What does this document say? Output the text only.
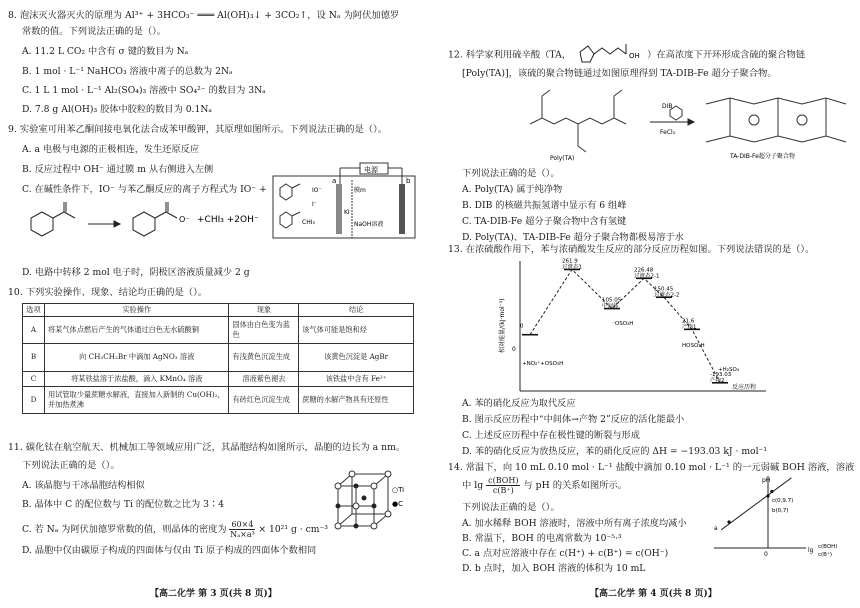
8. 泡沫灭火器灭火的原理为 Al³⁺ + 3HCO₃⁻ ═══ Al(OH)₃↓ + 3CO₂↑，设 Nₐ 为阿伏加德罗
常数的值。下列说法正确的是（）。
A. 11.2 L CO₂ 中含有 σ 键的数目为 Nₐ
B. 1 mol · L⁻¹ NaHCO₃ 溶液中离子的总数为 2Nₐ
C. 1 L 1 mol · L⁻¹ Al₂(SO₄)₃ 溶液中 SO₄²⁻ 的数目为 3Nₐ
D. 7.8 g Al(OH)₃ 胶体中胶粒的数目为 0.1Nₐ
9. 实验室可用苯乙酮间接电氧化法合成苯甲酸钾，其原理如图所示。下列说法正确的是（）。
A. a 电极与电源的正极相连，发生还原反应
B. 反应过程中 OH⁻ 通过膜 m 从右侧进入左侧
C. 在碱性条件下，IO⁻ 与苯乙酮反应的离子方程式为 IO⁻ +
O⁻ +CHI₃ +2OH⁻
D. 电路中转移 2 mol 电子时，阴极区溶液质量减少 2 g
电源
a	b
膜m
KI
NaOH溶液
IO⁻
I⁻
CHI₃
10. 下列实验操作、现象、结论均正确的是（）。
选项	实验操作	现象	结论
A	将某气体点燃后产生的气体通过白色无水硫酸铜	固体由白色变为蓝色	该气体可能是饱和烃
B	向 CH₃CH₂Br 中滴加 AgNO₃ 溶液	有浅黄色沉淀生成	该黄色沉淀是 AgBr
C	将某铁盐溶于浓盐酸，滴入 KMnO₄ 溶液	溶液紫色褪去	该铁盐中含有 Fe²⁺
D	用试管取少量蔗糖水解液，直接加入新制的 Cu(OH)₂，并加热煮沸	有砖红色沉淀生成	蔗糖的水解产物具有还原性
11. 碳化钛在航空航天、机械加工等领域应用广泛，其晶胞结构如图所示，晶胞的边长为 a nm。
下列说法正确的是（）。
A. 该晶胞与干冰晶胞结构相似
B. 晶体中 C 的配位数与 Ti 的配位数之比为 3∶4
C. 若 Nₐ 为阿伏加德罗常数的值，则晶体的密度为 $\frac{60\times 4}{\text{Nₐ×a³}} \times 10^{21}$ g · cm⁻³
D. 晶胞中仅由碳原子构成的四面体与仅由 Ti 原子构成的四面体个数相同
○Ti
●C
【高二化学 第 3 页(共 8 页)】
12. 科学家利用硫辛酸（TA，	OH ）在高浓度下开环形成含硫的聚合物链
[Poly(TA)]，该硫的聚合物链通过如图原理得到 TA-DIB-Fe 超分子聚合物。
Poly(TA)
DIB
FeCl₃
TA-DIB-Fe超分子聚合物
下列说法正确的是（）。
A. Poly(TA) 属于纯净物
B. DIB 的核磁共振氢谱中显示有 6 组峰
C. TA-DIB-Fe 超分子聚合物中含有氢键
D. Poly(TA)、TA-DIB-Fe 超分子聚合物都极易溶于水
13. 在浓硫酸作用下，苯与浓硝酸发生反应的部分反应历程如图。下列说法错误的是（）。
相对能量/(kJ·mol⁻¹)
反应历程
0
0
261.9
过渡态1
105.05
中间体
226.48
过渡态2-1
150.45
过渡态2-2
21.6
产物1
-193.03
产物2
+NO₂⁺+OSO₃H
⁻OSO₃H
HOSO₃H
+H₂SO₄
A. 苯的硝化反应为取代反应
B. 图示反应历程中“中间体→产物 2”反应的活化能最小
C. 上述反应历程中存在极性键的断裂与形成
D. 苯的硝化反应为放热反应，苯的硝化反应的 ΔH = −193.03 kJ · mol⁻¹
14. 常温下，向 10 mL 0.10 mol · L⁻¹ 盐酸中滴加 0.10 mol · L⁻¹ 的一元弱碱 BOH 溶液，溶液
中 $\lg \frac{\text{c(BOH)}}{c(B^+)}$ 与 pH 的关系如图所示。
下列说法正确的是（）。
A. 加水稀释 BOH 溶液时，溶液中所有离子浓度均减小
B. 常温下，BOH 的电离常数为 10⁻⁵·³
C. a 点对应溶液中存在 c(H⁺) + c(B⁺) = c(OH⁻)
D. b 点时，加入 BOH 溶液的体积为 10 mL
pH
0
lg c(BOH)
c(B⁺)
c(0,9.7)
b(0,7)
a
【高二化学 第 4 页(共 8 页)】
